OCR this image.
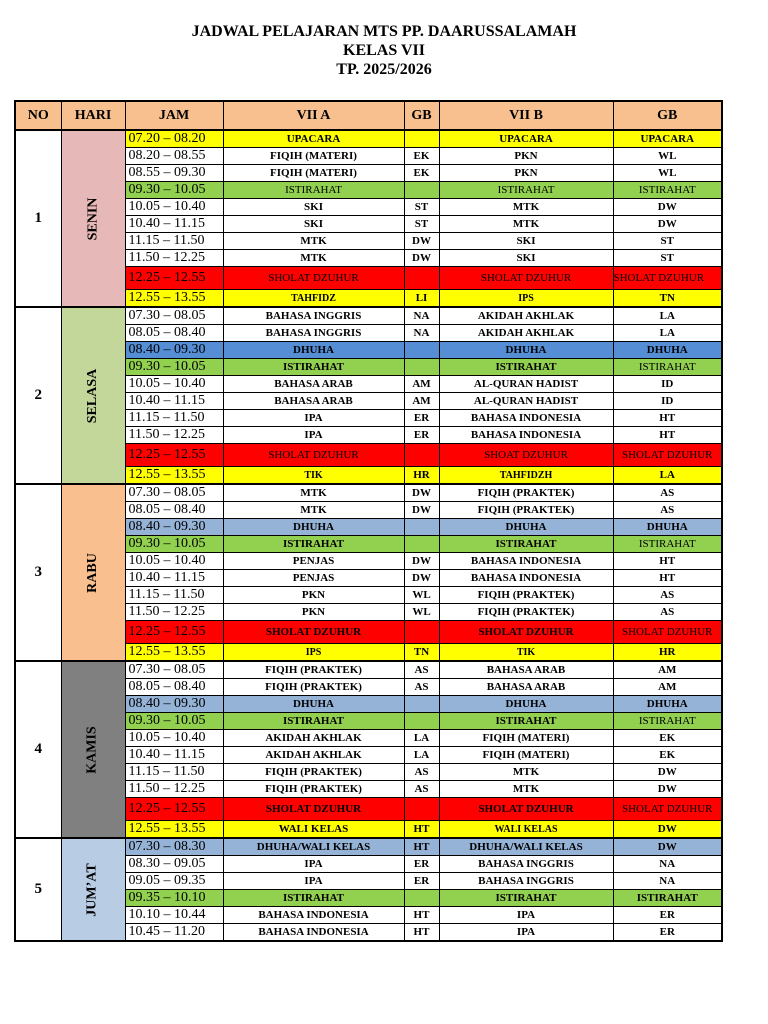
JADWAL PELAJARAN MTS PP. DAARUSSALAMAH
KELAS VII
TP. 2025/2026
NO	HARI	JAM	VII A	GB	VII B	GB
1	SENIN	07.20 – 08.20	UPACARA		UPACARA	UPACARA
		08.20 – 08.55	FIQIH (MATERI)	EK	PKN	WL
		08.55 – 09.30	FIQIH (MATERI)	EK	PKN	WL
		09.30 – 10.05	ISTIRAHAT		ISTIRAHAT	ISTIRAHAT
		10.05 – 10.40	SKI	ST	MTK	DW
		10.40 – 11.15	SKI	ST	MTK	DW
		11.15 – 11.50	MTK	DW	SKI	ST
		11.50 – 12.25	MTK	DW	SKI	ST
		12.25 – 12.55	SHOLAT DZUHUR		SHOLAT DZUHUR	SHOLAT DZUHUR
		12.55 – 13.55	TAHFIDZ	LI	IPS	TN
2	SELASA	07.30 – 08.05	BAHASA INGGRIS	NA	AKIDAH AKHLAK	LA
		08.05 – 08.40	BAHASA INGGRIS	NA	AKIDAH AKHLAK	LA
		08.40 – 09.30	DHUHA		DHUHA	DHUHA
		09.30 – 10.05	ISTIRAHAT		ISTIRAHAT	ISTIRAHAT
		10.05 – 10.40	BAHASA ARAB	AM	AL-QURAN HADIST	ID
		10.40 – 11.15	BAHASA ARAB	AM	AL-QURAN HADIST	ID
		11.15 – 11.50	IPA	ER	BAHASA INDONESIA	HT
		11.50 – 12.25	IPA	ER	BAHASA INDONESIA	HT
		12.25 – 12.55	SHOLAT DZUHUR		SHOAT DZUHUR	SHOLAT DZUHUR
		12.55 – 13.55	TIK	HR	TAHFIDZH	LA
3	RABU	07.30 – 08.05	MTK	DW	FIQIH (PRAKTEK)	AS
		08.05 – 08.40	MTK	DW	FIQIH (PRAKTEK)	AS
		08.40 – 09.30	DHUHA		DHUHA	DHUHA
		09.30 – 10.05	ISTIRAHAT		ISTIRAHAT	ISTIRAHAT
		10.05 – 10.40	PENJAS	DW	BAHASA INDONESIA	HT
		10.40 – 11.15	PENJAS	DW	BAHASA INDONESIA	HT
		11.15 – 11.50	PKN	WL	FIQIH (PRAKTEK)	AS
		11.50 – 12.25	PKN	WL	FIQIH (PRAKTEK)	AS
		12.25 – 12.55	SHOLAT DZUHUR		SHOLAT DZUHUR	SHOLAT DZUHUR
		12.55 – 13.55	IPS	TN	TIK	HR
4	KAMIS	07.30 – 08.05	FIQIH (PRAKTEK)	AS	BAHASA ARAB	AM
		08.05 – 08.40	FIQIH (PRAKTEK)	AS	BAHASA ARAB	AM
		08.40 – 09.30	DHUHA		DHUHA	DHUHA
		09.30 – 10.05	ISTIRAHAT		ISTIRAHAT	ISTIRAHAT
		10.05 – 10.40	AKIDAH AKHLAK	LA	FIQIH (MATERI)	EK
		10.40 – 11.15	AKIDAH AKHLAK	LA	FIQIH (MATERI)	EK
		11.15 – 11.50	FIQIH (PRAKTEK)	AS	MTK	DW
		11.50 – 12.25	FIQIH (PRAKTEK)	AS	MTK	DW
		12.25 – 12.55	SHOLAT DZUHUR		SHOLAT DZUHUR	SHOLAT DZUHUR
		12.55 – 13.55	WALI KELAS	HT	WALI KELAS	DW
5	JUM’AT	07.30 – 08.30	DHUHA/WALI KELAS	HT	DHUHA/WALI KELAS	DW
		08.30 – 09.05	IPA	ER	BAHASA INGGRIS	NA
		09.05 – 09.35	IPA	ER	BAHASA INGGRIS	NA
		09.35 – 10.10	ISTIRAHAT		ISTIRAHAT	ISTIRAHAT
		10.10 – 10.44	BAHASA INDONESIA	HT	IPA	ER
		10.45 – 11.20	BAHASA INDONESIA	HT	IPA	ER
